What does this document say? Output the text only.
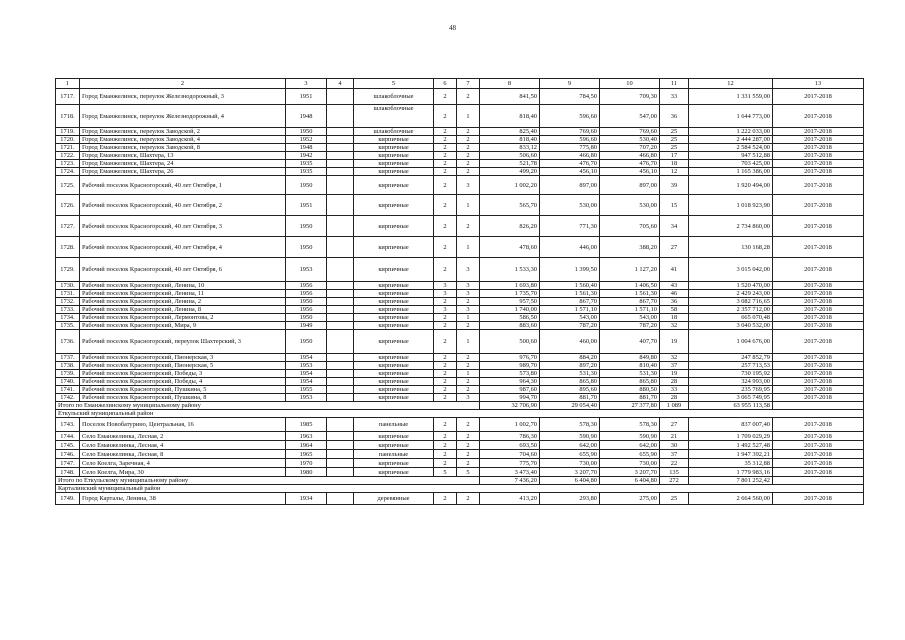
48
1	2	3	4	5	6	7	8	9	10	11	12	13
1717.	Город Еманжелинск, переулок Железнодорожный, 3	1951		шлакоблочные	2	2	841,50	784,50	709,30	33	1 331 559,00	2017-2018
1718.	Город Еманжелинск, переулок Железнодорожный, 4	1948		шлакоблочные	2	1	818,40	596,60	547,00	36	1 644 773,00	2017-2018
1719.	Город Еманжелинск, переулок Заводской, 2	1950		шлакоблочные	2	2	825,40	769,60	769,60	25	1 222 033,00	2017-2018
1720.	Город Еманжелинск, переулок Заводской, 4	1952		кирпичные	2	2	818,40	596,60	530,40	25	2 444 287,00	2017-2018
1721.	Город Еманжелинск, переулок Заводской, 8	1948		кирпичные	2	2	833,12	775,80	707,20	25	2 584 524,00	2017-2018
1722.	Город Еманжелинск, Шахтера, 13	1942		кирпичные	2	2	506,60	466,80	466,80	17	947 512,88	2017-2018
1723.	Город Еманжелинск, Шахтера, 24	1935		кирпичные	2	2	521,78	476,70	476,70	18	703 425,00	2017-2018
1724.	Город Еманжелинск, Шахтера, 26	1935		кирпичные	2	2	499,20	456,10	456,10	12	1 165 386,00	2017-2018
1725.	Рабочий поселок Красногорский, 40 лет Октября, 1	1950		кирпичные	2	3	1 002,20	897,00	897,00	39	1 920 494,00	2017-2018
1726.	Рабочий поселок Красногорский, 40 лет Октября, 2	1951		кирпичные	2	1	565,70	530,00	530,00	15	1 018 923,90	2017-2018
1727.	Рабочий поселок Красногорский, 40 лет Октября, 3	1950		кирпичные	2	2	826,20	771,30	705,60	34	2 734 860,00	2017-2018
1728.	Рабочий поселок Красногорский, 40 лет Октября, 4	1950		кирпичные	2	1	478,60	446,00	388,20	27	130 168,28	2017-2018
1729.	Рабочий поселок Красногорский, 40 лет Октября, 6	1953		кирпичные	2	3	1 533,30	1 399,50	1 127,20	41	3 015 042,00	2017-2018
1730.	Рабочий поселок Красногорский, Ленина, 10	1956		кирпичные	3	3	1 693,80	1 560,40	1 406,50	43	1 520 470,00	2017-2018
1731.	Рабочий поселок Красногорский, Ленина, 11	1956		кирпичные	3	3	1 735,70	1 561,30	1 561,30	46	2 429 243,00	2017-2018
1732.	Рабочий поселок Красногорский, Ленина, 2	1950		кирпичные	2	2	957,50	867,70	867,70	36	3 082 716,65	2017-2018
1733.	Рабочий поселок Красногорский, Ленина, 8	1956		кирпичные	3	3	1 740,00	1 571,10	1 571,10	58	2 357 712,00	2017-2018
1734.	Рабочий поселок Красногорский, Лермонтова, 2	1950		кирпичные	2	1	586,50	543,00	543,00	18	665 070,48	2017-2018
1735.	Рабочий поселок Красногорский, Мира, 9	1949		кирпичные	2	2	883,60	787,20	787,20	32	3 040 532,00	2017-2018
1736.	Рабочий поселок Красногорский, переулок Шахтерский, 3	1950		кирпичные	2	1	500,60	460,00	407,70	19	1 004 676,00	2017-2018
1737.	Рабочий поселок Красногорский, Пионерская, 3	1954		кирпичные	2	2	976,70	884,20	849,80	32	247 852,79	2017-2018
1738.	Рабочий поселок Красногорский, Пионерская, 5	1953		кирпичные	2	2	989,70	897,20	810,40	37	257 713,53	2017-2018
1739.	Рабочий поселок Красногорский, Победы, 3	1954		кирпичные	2	1	573,80	531,30	531,30	19	730 195,92	2017-2018
1740.	Рабочий поселок Красногорский, Победы, 4	1954		кирпичные	2	2	964,30	865,80	865,80	28	324 993,00	2017-2018
1741.	Рабочий поселок Красногорский, Пушкина, 5	1955		кирпичные	2	2	987,60	895,60	880,50	33	235 769,95	2017-2018
1742.	Рабочий поселок Красногорский, Пушкина, 8	1953		кирпичные	2	3	994,70	881,70	881,70	28	3 065 749,95	2017-2018
Итого по Еманжелинскому муниципальному району							32 706,90	29 054,40	27 377,80	1 089	63 955 113,58	
Еткульский муниципальный район												
1743.	Поселок Новобатурино, Центральная, 16	1985		панельные	2	2	1 002,70	578,30	578,30	27	837 007,40	2017-2018
1744.	Село Еманжелинка, Лесная, 2	1963		кирпичные	2	2	786,30	590,90	590,90	21	1 709 029,29	2017-2018
1745.	Село Еманжелинка, Лесная, 4	1964		кирпичные	2	2	693,50	642,00	642,00	30	1 492 527,48	2017-2018
1746.	Село Еманжелинка, Лесная, 8	1965		панельные	2	2	704,60	655,90	655,90	37	1 947 392,21	2017-2018
1747.	Село Коелга, Заречная, 4	1970		кирпичные	2	2	775,70	730,00	730,00	22	35 312,88	2017-2018
1748.	Село Коелга, Мира, 30	1980		кирпичные	5	5	3 473,40	3 207,70	3 207,70	135	1 779 983,16	2017-2018
Итого по Еткульскому муниципальному району							7 436,20	6 404,80	6 404,80	272	7 801 252,42	
Карталинский муниципальный район												
1749.	Город Карталы, Ленина, 38	1934		деревянные	2	2	413,20	293,80	275,00	25	2 664 560,00	2017-2018
